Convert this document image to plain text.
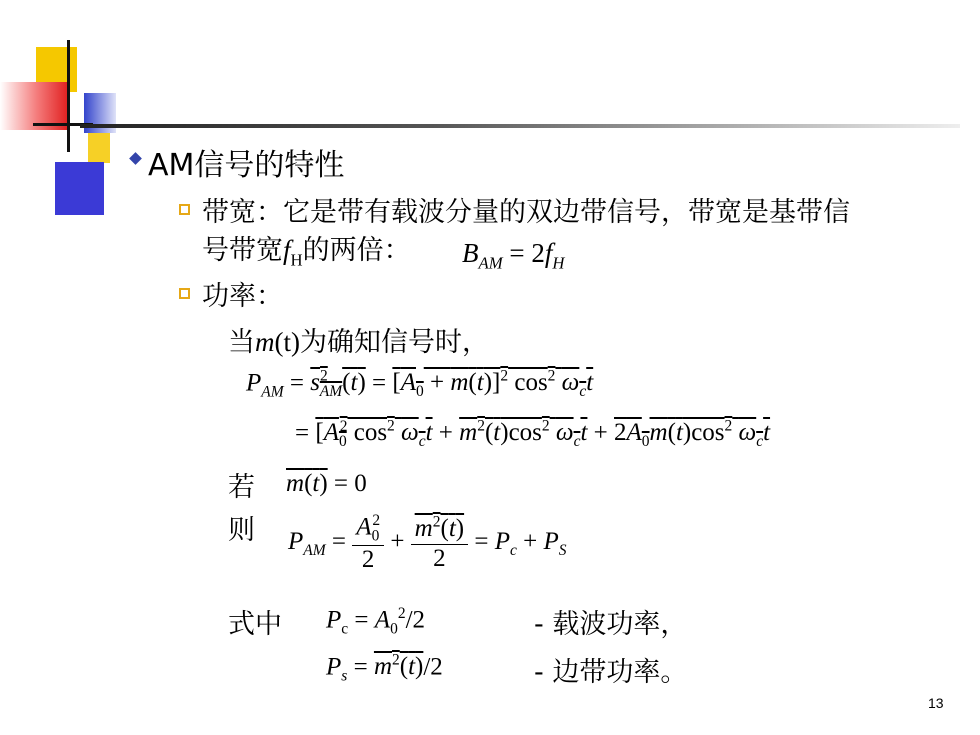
AM信号的特性
带宽：它是带有载波分量的双边带信号，带宽是基带信
号带宽$f_H$的两倍： $B_{AM} = 2f_H$
功率：
当m(t)为确知信号时，
$P_{AM} = s^2_{AM}(t) = [A_0 + m(t)]^2$ $\cos^2 \omega_ct$
= [$A_0^2$ $\cos^2 \omega_ct + m^2(t)\cos^2$ $\omega_ct + 2A_0m(t)\cos^2$ $\omega_ct$
若 m(t) = 0
则 $P_{AM} = \frac{A_0^2}{2} + \frac{m^2(t)}{2} = P_c + P_S$
式中 $P_c = A_0^2/2$	- 载波功率，
$P_s = m^2(t)/2$	- 边带功率。
13
